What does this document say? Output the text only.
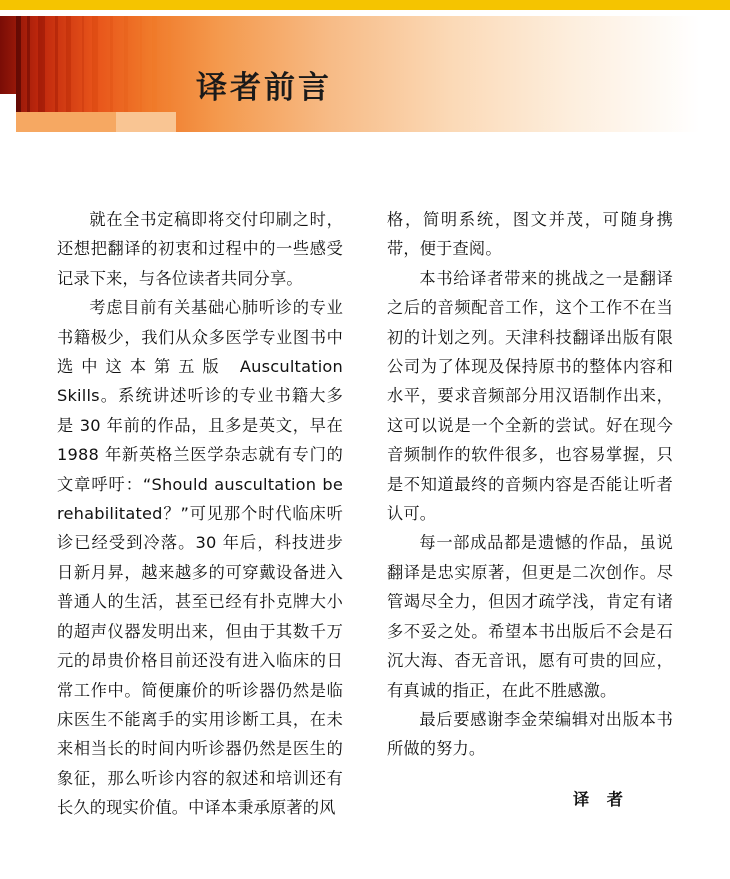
译者前言

就在全书定稿即将交付印刷之时，还想把翻译的初衷和过程中的一些感受记录下来，与各位读者共同分享。

考虑目前有关基础心肺听诊的专业书籍极少，我们从众多医学专业图书中选中这本第五版 Auscultation Skills。系统讲述听诊的专业书籍大多是 30 年前的作品，且多是英文，早在 1988 年新英格兰医学杂志就有专门的文章呼吁：“Should auscultation be rehabilitated？”可见那个时代临床听诊已经受到冷落。30 年后，科技进步日新月昇，越来越多的可穿戴设备进入普通人的生活，甚至已经有扑克牌大小的超声仪器发明出来，但由于其数千万元的昂贵价格目前还没有进入临床的日常工作中。简便廉价的听诊器仍然是临床医生不能离手的实用诊断工具，在未来相当长的时间内听诊器仍然是医生的象征，那么听诊内容的叙述和培训还有长久的现实价值。中译本秉承原著的风

格，简明系统，图文并茂，可随身携带，便于查阅。

本书给译者带来的挑战之一是翻译之后的音频配音工作，这个工作不在当初的计划之列。天津科技翻译出版有限公司为了体现及保持原书的整体内容和水平，要求音频部分用汉语制作出来，这可以说是一个全新的尝试。好在现今音频制作的软件很多，也容易掌握，只是不知道最终的音频内容是否能让听者认可。

每一部成品都是遗憾的作品，虽说翻译是忠实原著，但更是二次创作。尽管竭尽全力，但因才疏学浅，肯定有诸多不妥之处。希望本书出版后不会是石沉大海、杳无音讯，愿有可贵的回应，有真诚的指正，在此不胜感激。

最后要感谢李金荣编辑对出版本书所做的努力。

译 者
